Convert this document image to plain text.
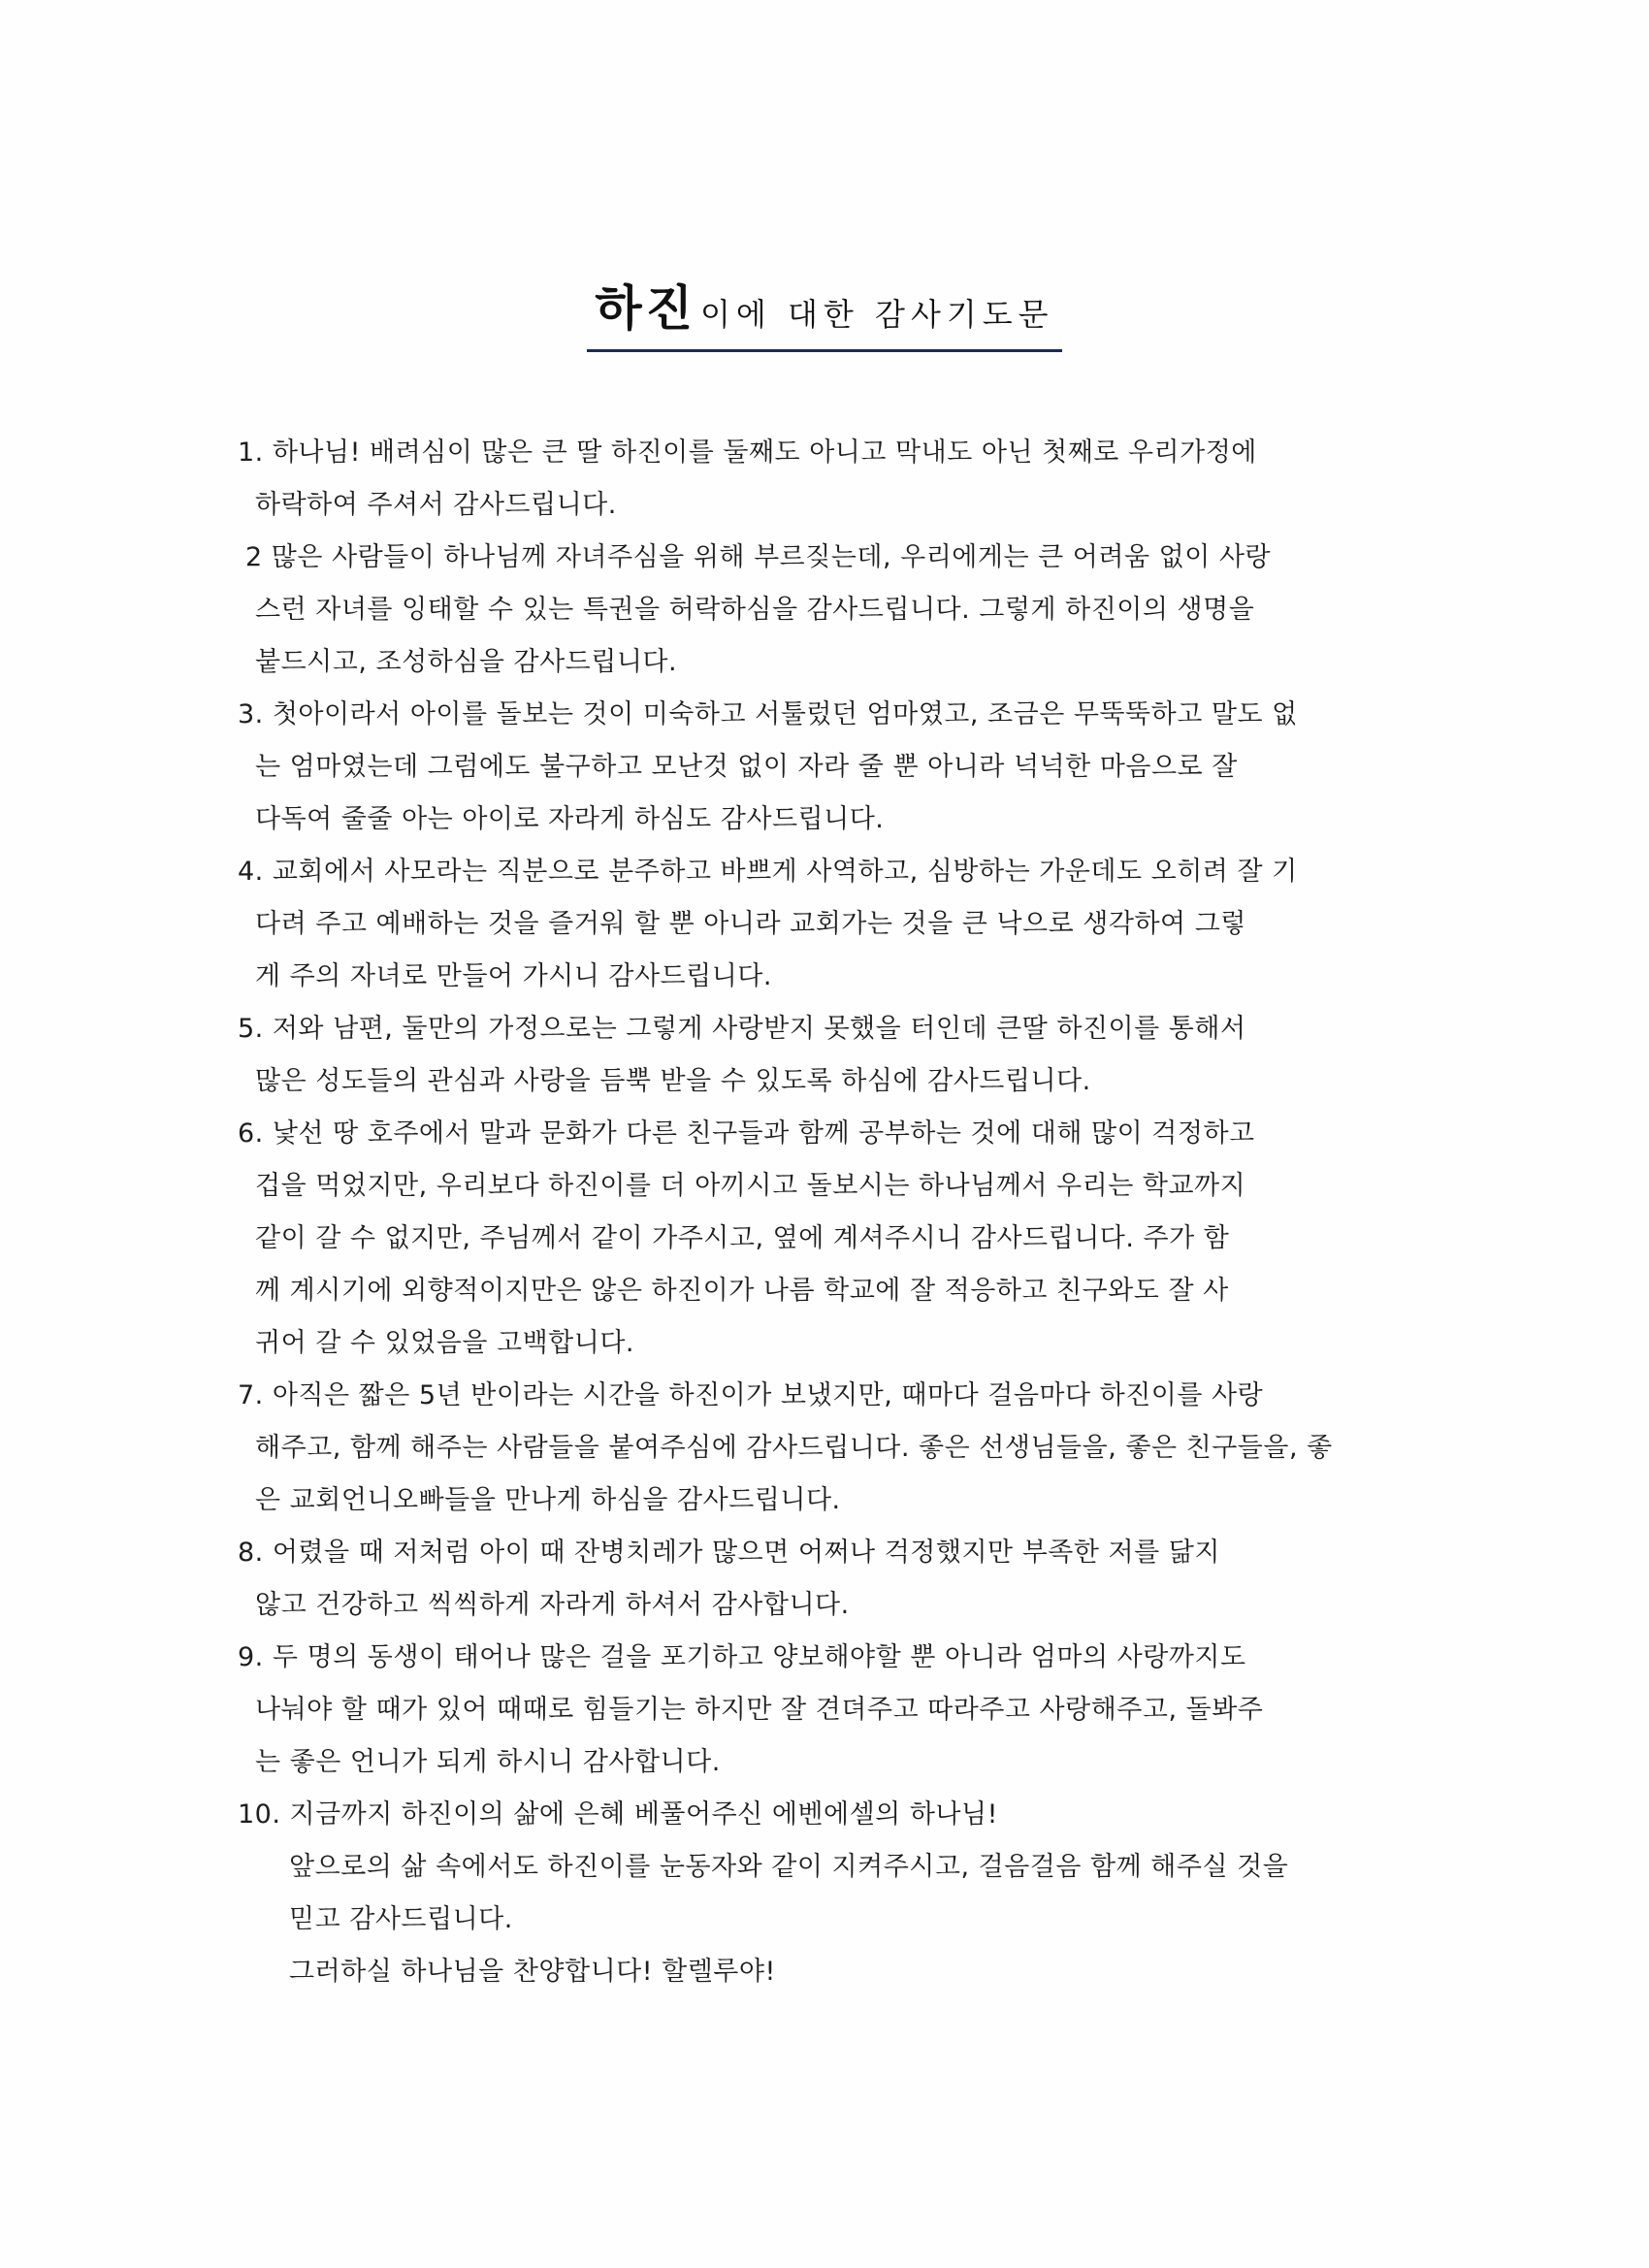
하진 이에 대한 감사기도문
1. 하나님! 배려심이 많은 큰 딸 하진이를 둘째도 아니고 막내도 아닌 첫째로 우리가정에
하락하여 주셔서 감사드립니다.
2 많은 사람들이 하나님께 자녀주심을 위해 부르짖는데, 우리에게는 큰 어려움 없이 사랑
스런 자녀를 잉태할 수 있는 특권을 허락하심을 감사드립니다. 그렇게 하진이의 생명을
붙드시고, 조성하심을 감사드립니다.
3. 첫아이라서 아이를 돌보는 것이 미숙하고 서툴렀던 엄마였고, 조금은 무뚝뚝하고 말도 없
는 엄마였는데 그럼에도 불구하고 모난것 없이 자라 줄 뿐 아니라 넉넉한 마음으로 잘
다독여 줄줄 아는 아이로 자라게 하심도 감사드립니다.
4. 교회에서 사모라는 직분으로 분주하고 바쁘게 사역하고, 심방하는 가운데도 오히려 잘 기
다려 주고 예배하는 것을 즐거워 할 뿐 아니라 교회가는 것을 큰 낙으로 생각하여 그렇
게 주의 자녀로 만들어 가시니 감사드립니다.
5. 저와 남편, 둘만의 가정으로는 그렇게 사랑받지 못했을 터인데 큰딸 하진이를 통해서
많은 성도들의 관심과 사랑을 듬뿍 받을 수 있도록 하심에 감사드립니다.
6. 낯선 땅 호주에서 말과 문화가 다른 친구들과 함께 공부하는 것에 대해 많이 걱정하고
겁을 먹었지만, 우리보다 하진이를 더 아끼시고 돌보시는 하나님께서 우리는 학교까지
같이 갈 수 없지만, 주님께서 같이 가주시고, 옆에 계셔주시니 감사드립니다. 주가 함
께 계시기에 외향적이지만은 않은 하진이가 나름 학교에 잘 적응하고 친구와도 잘 사
귀어 갈 수 있었음을 고백합니다.
7. 아직은 짧은 5년 반이라는 시간을 하진이가 보냈지만, 때마다 걸음마다 하진이를 사랑
해주고, 함께 해주는 사람들을 붙여주심에 감사드립니다. 좋은 선생님들을, 좋은 친구들을, 좋
은 교회언니오빠들을 만나게 하심을 감사드립니다.
8. 어렸을 때 저처럼 아이 때 잔병치레가 많으면 어쩌나 걱정했지만 부족한 저를 닮지
않고 건강하고 씩씩하게 자라게 하셔서 감사합니다.
9. 두 명의 동생이 태어나 많은 걸을 포기하고 양보해야할 뿐 아니라 엄마의 사랑까지도
나눠야 할 때가 있어 때때로 힘들기는 하지만 잘 견뎌주고 따라주고 사랑해주고, 돌봐주
는 좋은 언니가 되게 하시니 감사합니다.
10. 지금까지 하진이의 삶에 은혜 베풀어주신 에벤에셀의 하나님!
앞으로의 삶 속에서도 하진이를 눈동자와 같이 지켜주시고, 걸음걸음 함께 해주실 것을
믿고 감사드립니다.
그러하실 하나님을 찬양합니다! 할렐루야!
